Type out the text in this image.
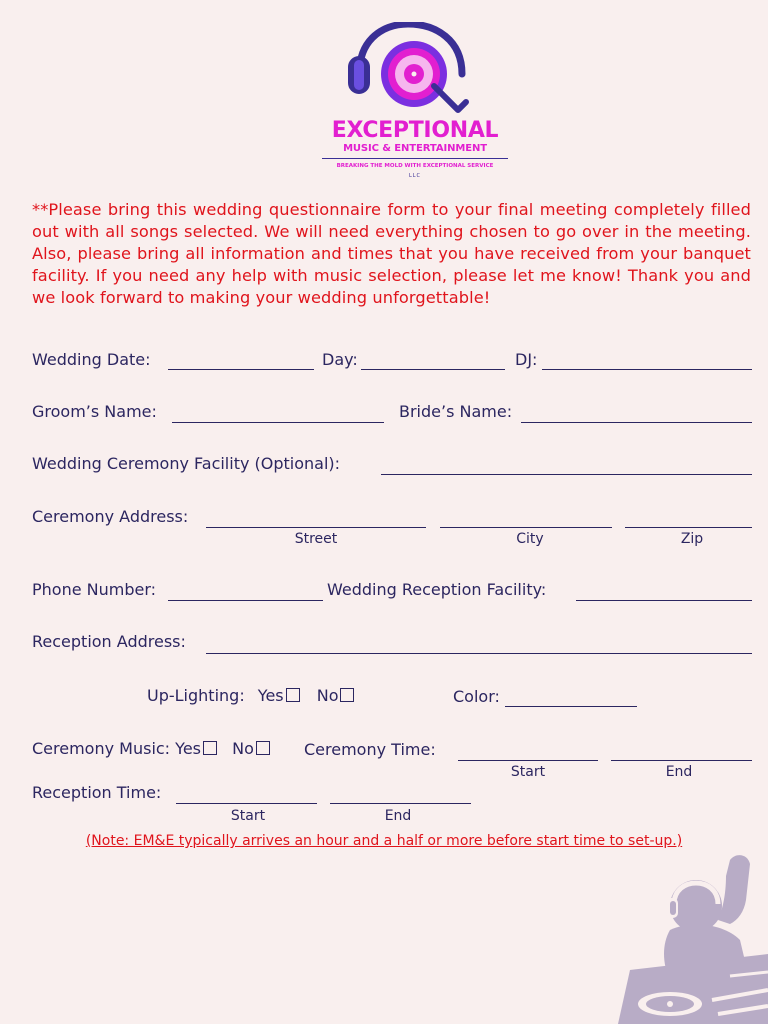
EXCEPTIONAL
MUSIC & ENTERTAINMENT
BREAKING THE MOLD WITH EXCEPTIONAL SERVICE
LLC
**Please bring this wedding questionnaire form to your final meeting completely filled out with all songs selected. We will need everything chosen to go over in the meeting. Also, please bring all information and times that you have received from your banquet facility. If you need any help with music selection, please let me know! Thank you and we look forward to making your wedding unforgettable!
Wedding Date:	Day:	DJ:
Groom’s Name:	Bride’s Name:
Wedding Ceremony Facility (Optional):
Ceremony Address:
Street	City	Zip
Phone Number:	Wedding Reception Facility:
Reception Address:
Up-Lighting: Yes No	Color:
Ceremony Music: Yes No	Ceremony Time:
Start	End
Reception Time:
Start	End
(Note: EM&E typically arrives an hour and a half or more before start time to set-up.)
